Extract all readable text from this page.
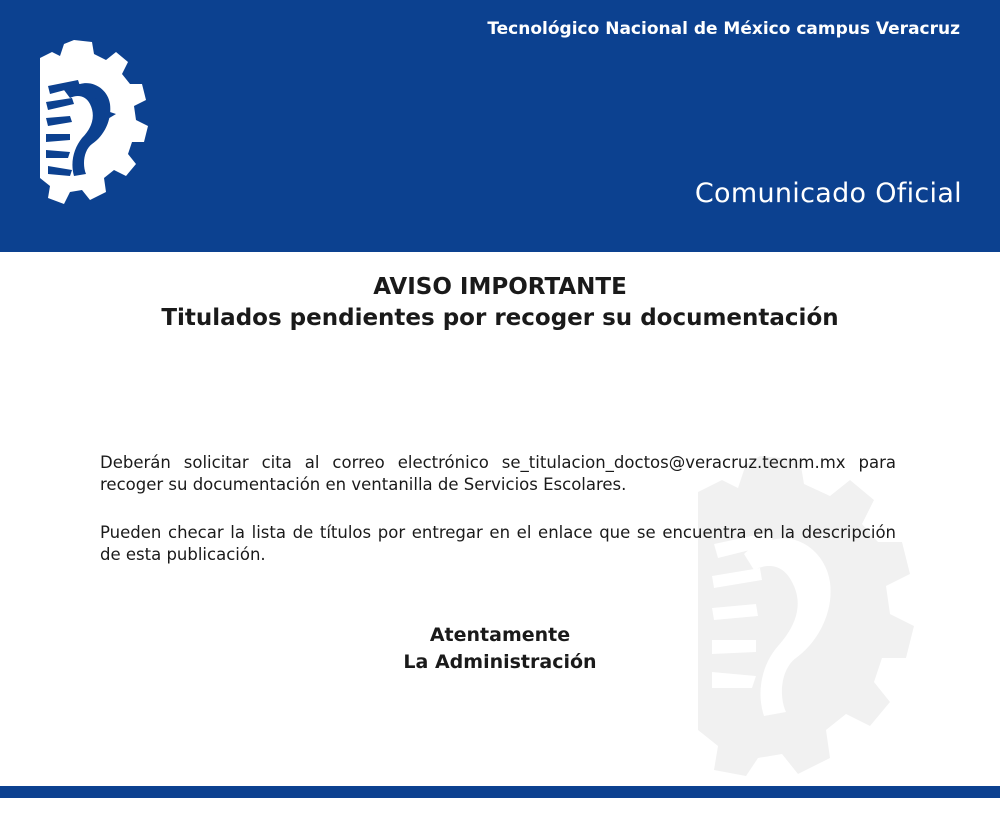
Tecnológico Nacional de México campus Veracruz
Comunicado Oficial
AVISO IMPORTANTE
Titulados pendientes por recoger su documentación
Deberán solicitar cita al correo electrónico se_titulacion_doctos@veracruz.tecnm.mx para recoger su documentación en ventanilla de Servicios Escolares.
Pueden checar la lista de títulos por entregar en el enlace que se encuentra en la descripción de esta publicación.
Atentamente
La Administración
